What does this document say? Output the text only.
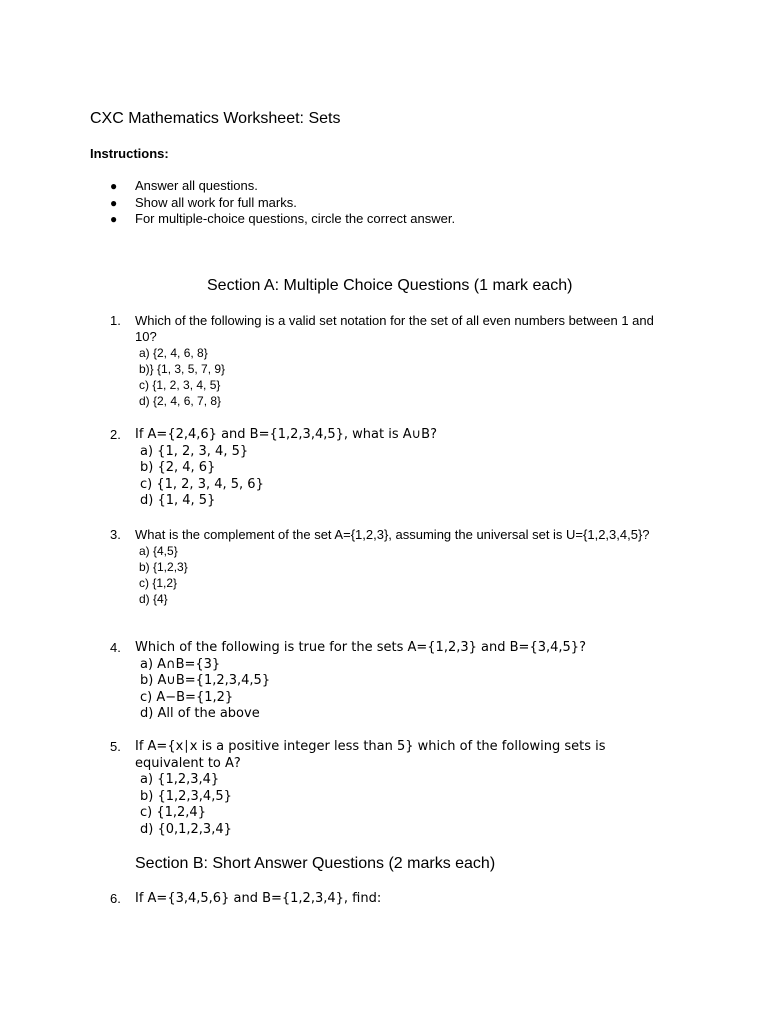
CXC Mathematics Worksheet: Sets
Instructions:
● Answer all questions.
● Show all work for full marks.
● For multiple-choice questions, circle the correct answer.
Section A: Multiple Choice Questions (1 mark each)
1. Which of the following is a valid set notation for the set of all even numbers between 1 and 10?
a) {2, 4, 6, 8}
b)} {1, 3, 5, 7, 9}
c) {1, 2, 3, 4, 5}
d) {2, 4, 6, 7, 8}
2. If A={2,4,6} and B={1,2,3,4,5}, what is A∪B?
a) {1, 2, 3, 4, 5}
b) {2, 4, 6}
c) {1, 2, 3, 4, 5, 6}
d) {1, 4, 5}
3. What is the complement of the set A={1,2,3}, assuming the universal set is U={1,2,3,4,5}?
a) {4,5}
b) {1,2,3}
c) {1,2}
d) {4}
4. Which of the following is true for the sets A={1,2,3} and B={3,4,5}?
a) A∩B={3}
b) A∪B={1,2,3,4,5}
c) A−B={1,2}
d) All of the above
5. If A={x∣x is a positive integer less than 5} which of the following sets is equivalent to A?
a) {1,2,3,4}
b) {1,2,3,4,5}
c) {1,2,4}
d) {0,1,2,3,4}
Section B: Short Answer Questions (2 marks each)
6. If A={3,4,5,6} and B={1,2,3,4}, find:
